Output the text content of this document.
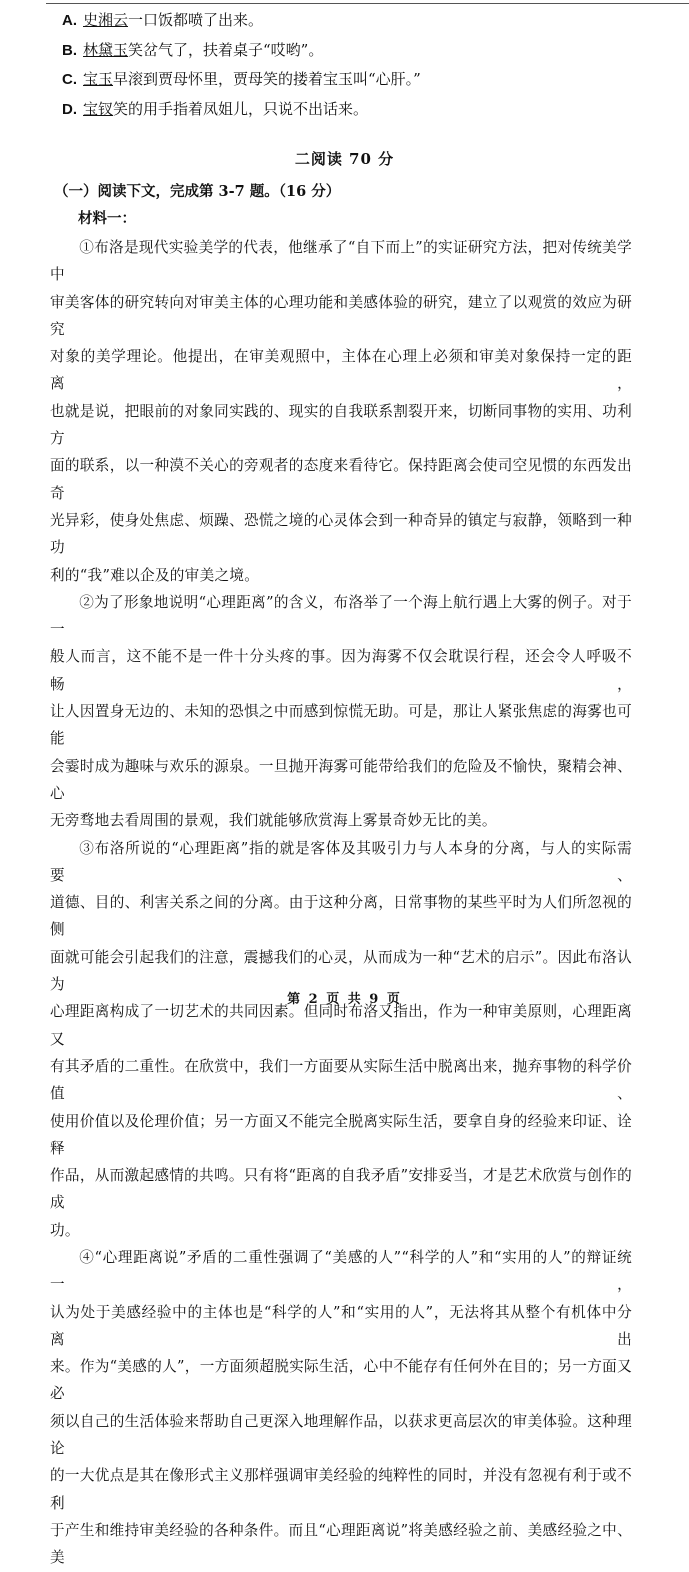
A. 史湘云一口饭都喷了出来。
B. 林黛玉笑岔气了，扶着桌子“哎哟”。
C. 宝玉早滚到贾母怀里，贾母笑的搂着宝玉叫“心肝。”
D. 宝钗笑的用手指着凤姐儿，只说不出话来。
二阅读 70 分
（一）阅读下文，完成第 3-7 题。（16 分）
材料一：
①布洛是现代实验美学的代表，他继承了“自下而上”的实证研究方法，把对传统美学中
审美客体的研究转向对审美主体的心理功能和美感体验的研究，建立了以观赏的效应为研究
对象的美学理论。他提出，在审美观照中，主体在心理上必须和审美对象保持一定的距离，
也就是说，把眼前的对象同实践的、现实的自我联系割裂开来，切断同事物的实用、功利方
面的联系，以一种漠不关心的旁观者的态度来看待它。保持距离会使司空见惯的东西发出奇
光异彩，使身处焦虑、烦躁、恐慌之境的心灵体会到一种奇异的镇定与寂静，领略到一种功
利的“我”难以企及的审美之境。
②为了形象地说明“心理距离”的含义，布洛举了一个海上航行遇上大雾的例子。对于一
般人而言，这不能不是一件十分头疼的事。因为海雾不仅会耽误行程，还会令人呼吸不畅，
让人因置身无边的、未知的恐惧之中而感到惊慌无助。可是，那让人紧张焦虑的海雾也可能
会霎时成为趣味与欢乐的源泉。一旦抛开海雾可能带给我们的危险及不愉快，聚精会神、心
无旁骛地去看周围的景观，我们就能够欣赏海上雾景奇妙无比的美。
③布洛所说的“心理距离”指的就是客体及其吸引力与人本身的分离，与人的实际需要、
道德、目的、利害关系之间的分离。由于这种分离，日常事物的某些平时为人们所忽视的侧
面就可能会引起我们的注意，震撼我们的心灵，从而成为一种“艺术的启示”。因此布洛认为
心理距离构成了一切艺术的共同因素。但同时布洛又指出，作为一种审美原则，心理距离又
有其矛盾的二重性。在欣赏中，我们一方面要从实际生活中脱离出来，抛弃事物的科学价值、
使用价值以及伦理价值；另一方面又不能完全脱离实际生活，要拿自身的经验来印证、诠释
作品，从而激起感情的共鸣。只有将“距离的自我矛盾”安排妥当，才是艺术欣赏与创作的成
功。
④“心理距离说”矛盾的二重性强调了“美感的人”“科学的人”和“实用的人”的辩证统一，
认为处于美感经验中的主体也是“科学的人”和“实用的人”，无法将其从整个有机体中分离出
来。作为“美感的人”，一方面须超脱实际生活，心中不能存有任何外在目的；另一方面又必
须以自己的生活体验来帮助自己更深入地理解作品，以获求更高层次的审美体验。这种理论
的一大优点是其在像形式主义那样强调审美经验的纯粹性的同时，并没有忽视有利于或不利
于产生和维持审美经验的各种条件。而且“心理距离说”将美感经验之前、美感经验之中、美
第 2 页 共 9 页
